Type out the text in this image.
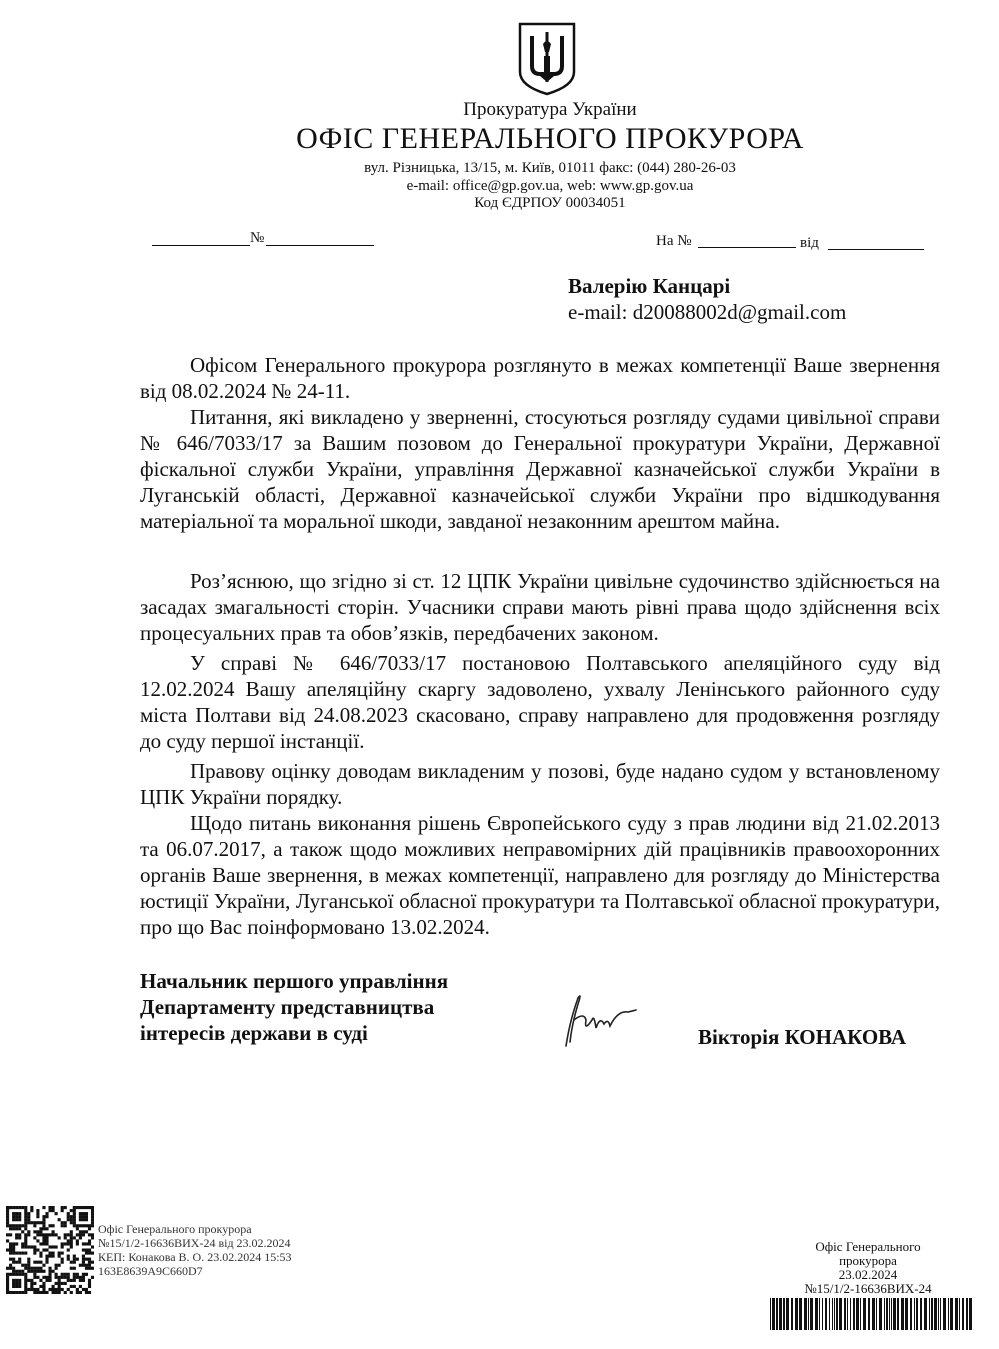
Прокуратура України
ОФІС ГЕНЕРАЛЬНОГО ПРОКУРОРА
вул. Різницька, 13/15, м. Київ, 01011 факс: (044) 280-26-03
e-mail: office@gp.gov.ua, web: www.gp.gov.ua
Код ЄДРПОУ 00034051
№	На №	від
Валерію Канцарі
e-mail: d20088002d@gmail.com
Офісом Генерального прокурора розглянуто в межах компетенції Ваше звернення від 08.02.2024 № 24-11.
Питання, які викладено у зверненні, стосуються розгляду судами цивільної справи № 646/7033/17 за Вашим позовом до Генеральної прокуратури України, Державної фіскальної служби України, управління Державної казначейської служби України в Луганській області, Державної казначейської служби України про відшкодування матеріальної та моральної шкоди, завданої незаконним арештом майна.
Роз’яснюю, що згідно зі ст. 12 ЦПК України цивільне судочинство здійснюється на засадах змагальності сторін. Учасники справи мають рівні права щодо здійснення всіх процесуальних прав та обов’язків, передбачених законом.
У справі № 646/7033/17 постановою Полтавського апеляційного суду від 12.02.2024 Вашу апеляційну скаргу задоволено, ухвалу Ленінського районного суду міста Полтави від 24.08.2023 скасовано, справу направлено для продовження розгляду до суду першої інстанції.
Правову оцінку доводам викладеним у позові, буде надано судом у встановленому ЦПК України порядку.
Щодо питань виконання рішень Європейського суду з прав людини від 21.02.2013 та 06.07.2017, а також щодо можливих неправомірних дій працівників правоохоронних органів Ваше звернення, в межах компетенції, направлено для розгляду до Міністерства юстиції України, Луганської обласної прокуратури та Полтавської обласної прокуратури, про що Вас поінформовано 13.02.2024.
Начальник першого управління
Департаменту представництва
інтересів держави в суді	Вікторія КОНАКОВА
Офіс Генерального прокурора
№15/1/2-16636ВИХ-24 від 23.02.2024
КЕП: Конакова В. О. 23.02.2024 15:53
163E8639A9C660D7
Офіс Генерального
прокурора
23.02.2024
№15/1/2-16636ВИХ-24
